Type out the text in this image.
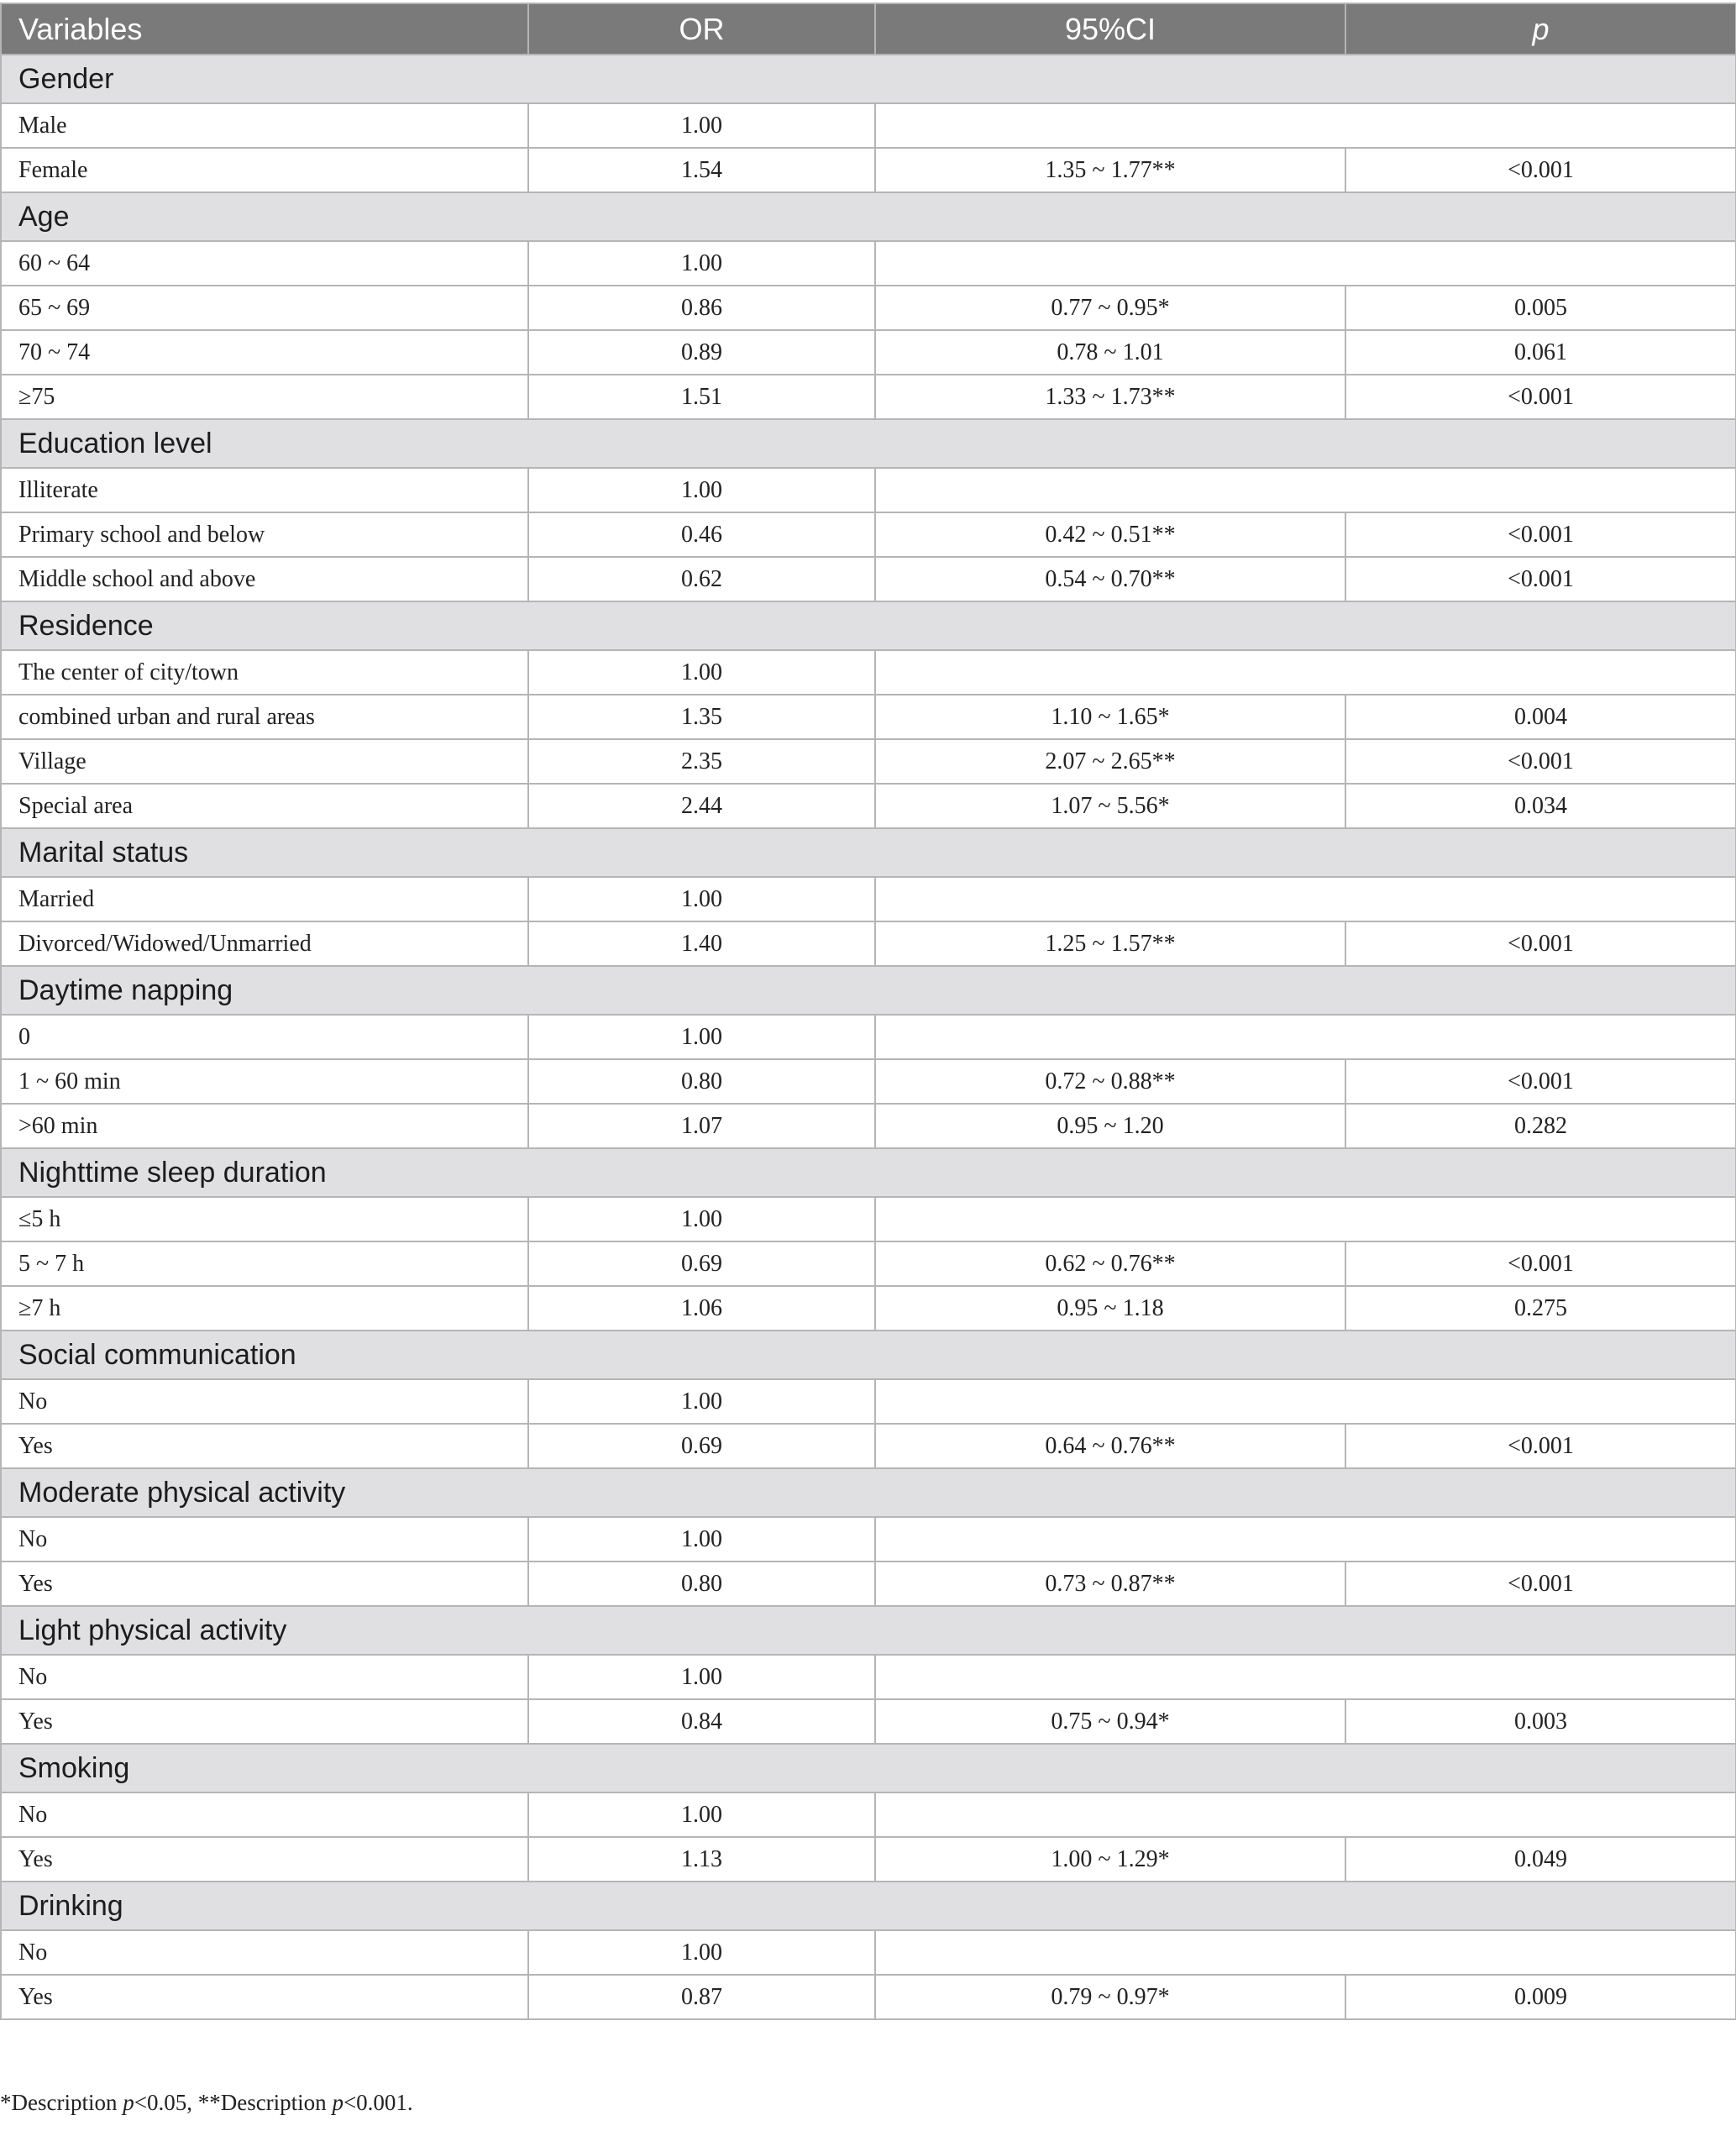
Variables	OR	95%CI	p
Gender			
Male	1.00		
Female	1.54	1.35 ~ 1.77**	<0.001
Age			
60 ~ 64	1.00		
65 ~ 69	0.86	0.77 ~ 0.95*	0.005
70 ~ 74	0.89	0.78 ~ 1.01	0.061
≥75	1.51	1.33 ~ 1.73**	<0.001
Education level			
Illiterate	1.00		
Primary school and below	0.46	0.42 ~ 0.51**	<0.001
Middle school and above	0.62	0.54 ~ 0.70**	<0.001
Residence			
The center of city/town	1.00		
combined urban and rural areas	1.35	1.10 ~ 1.65*	0.004
Village	2.35	2.07 ~ 2.65**	<0.001
Special area	2.44	1.07 ~ 5.56*	0.034
Marital status			
Married	1.00		
Divorced/Widowed/Unmarried	1.40	1.25 ~ 1.57**	<0.001
Daytime napping			
0	1.00		
1 ~ 60 min	0.80	0.72 ~ 0.88**	<0.001
>60 min	1.07	0.95 ~ 1.20	0.282
Nighttime sleep duration			
≤5 h	1.00		
5 ~ 7 h	0.69	0.62 ~ 0.76**	<0.001
≥7 h	1.06	0.95 ~ 1.18	0.275
Social communication			
No	1.00		
Yes	0.69	0.64 ~ 0.76**	<0.001
Moderate physical activity			
No	1.00		
Yes	0.80	0.73 ~ 0.87**	<0.001
Light physical activity			
No	1.00		
Yes	0.84	0.75 ~ 0.94*	0.003
Smoking			
No	1.00		
Yes	1.13	1.00 ~ 1.29*	0.049
Drinking			
No	1.00		
Yes	0.87	0.79 ~ 0.97*	0.009
*Description p<0.05, **Description p<0.001.
